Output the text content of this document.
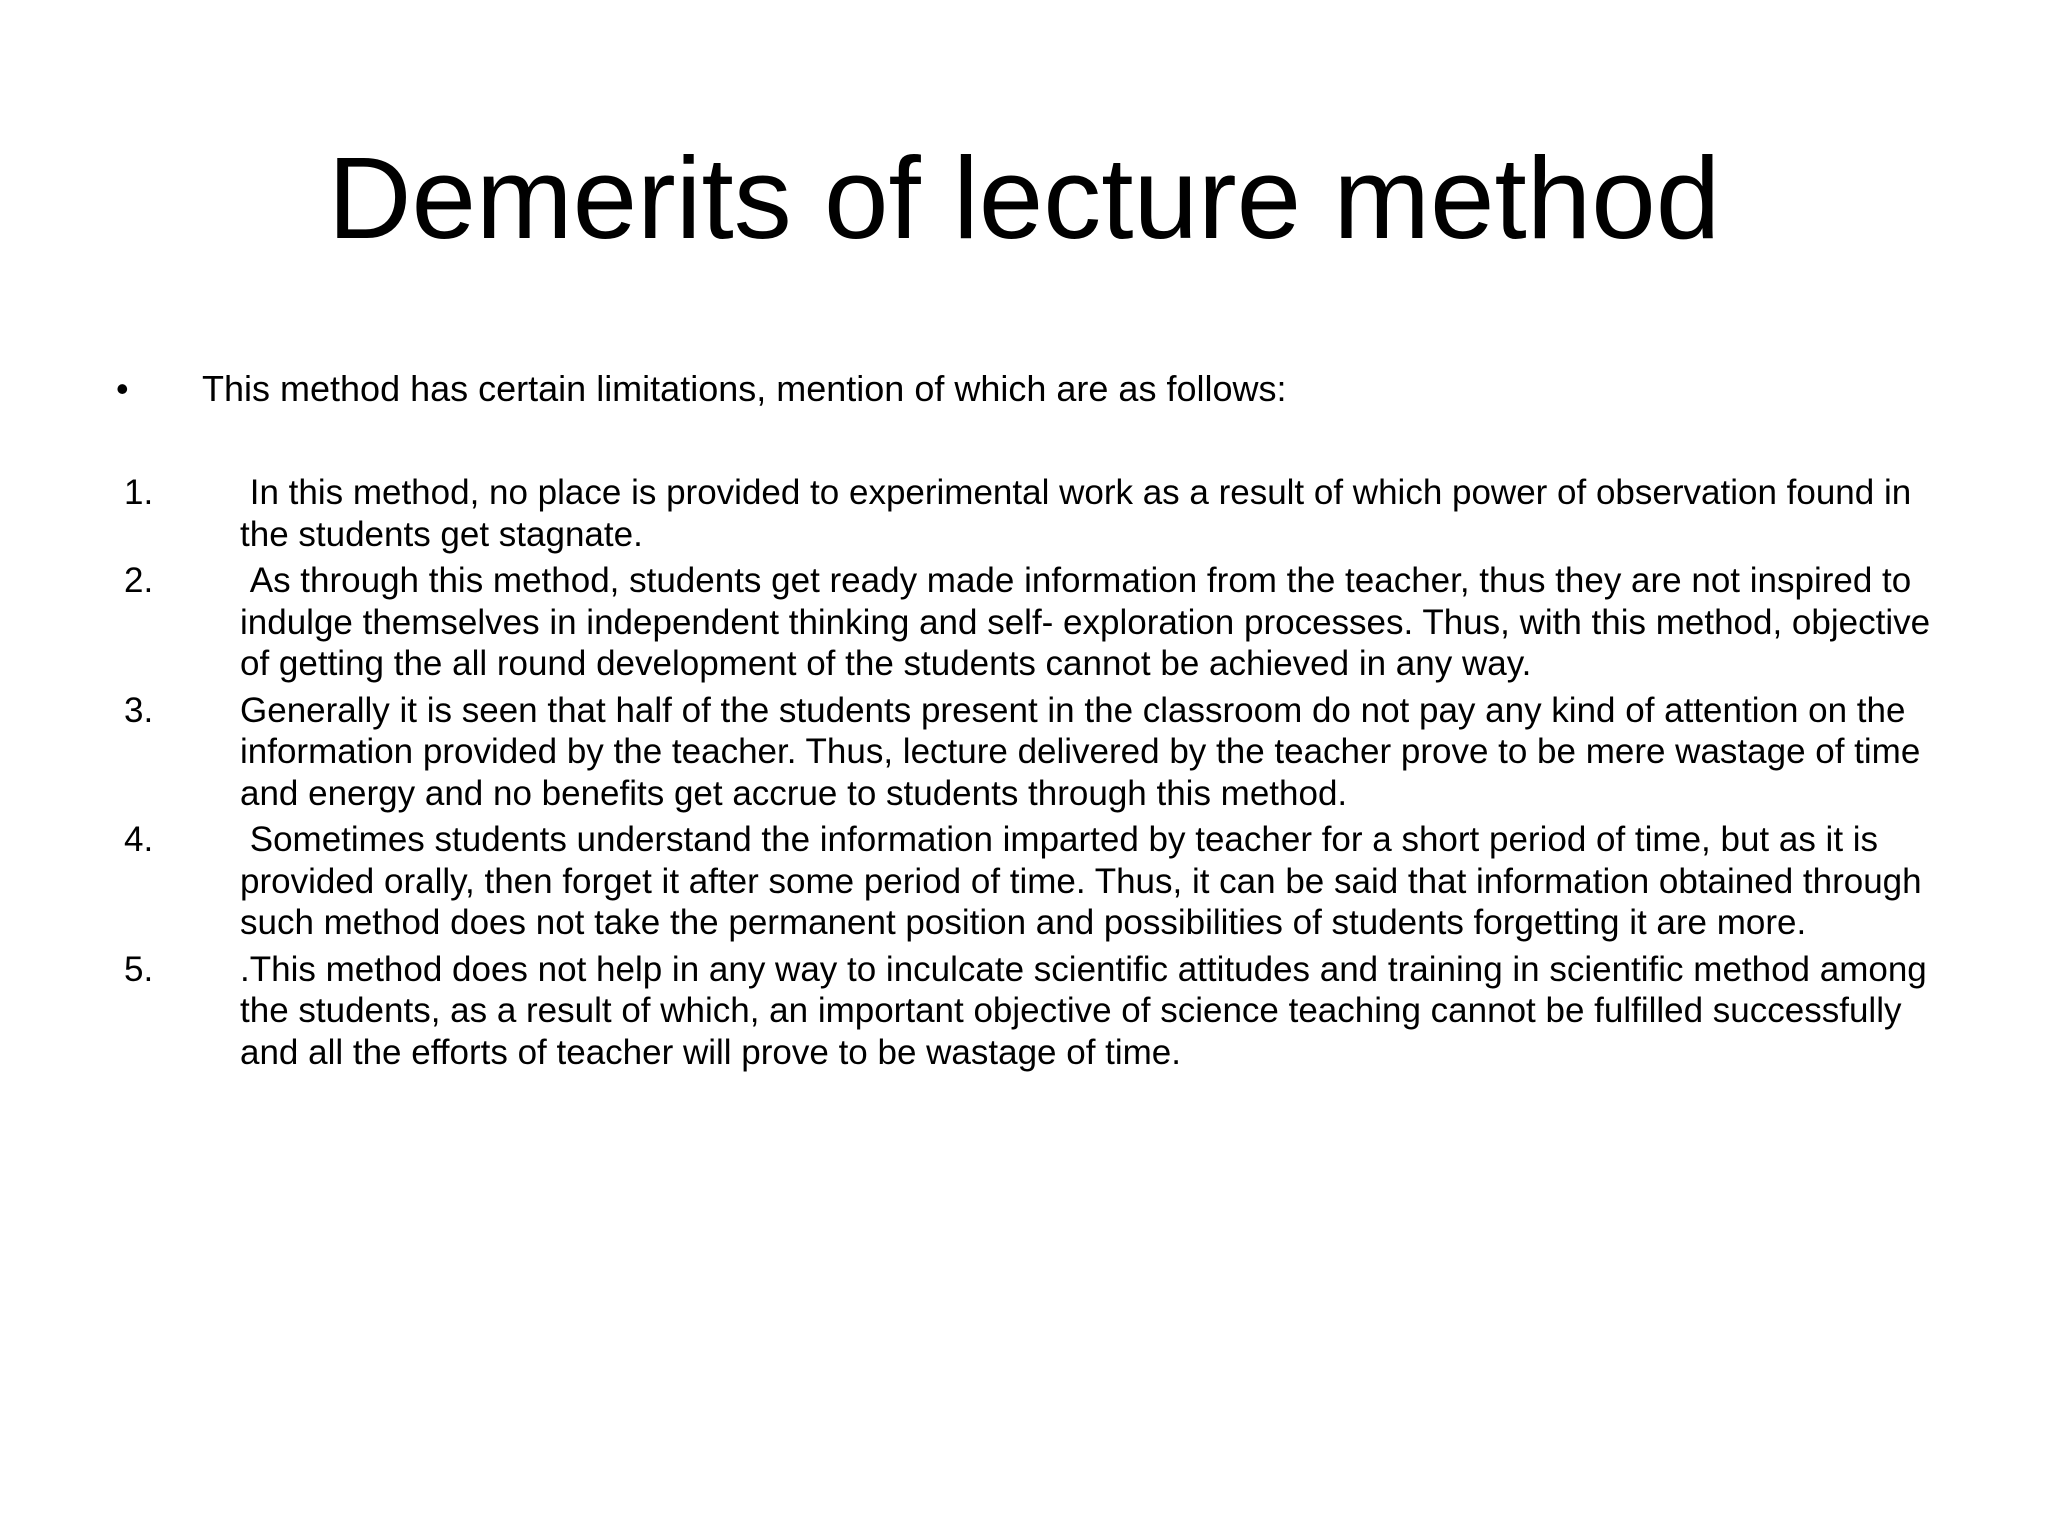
Demerits of lecture method
•	This method has certain limitations, mention of which are as follows:
1.	In this method, no place is provided to experimental work as a result of which power of observation found in the students get stagnate.
2.	As through this method, students get ready made information from the teacher, thus they are not inspired to indulge themselves in independent thinking and self- exploration processes. Thus, with this method, objective of getting the all round development of the students cannot be achieved in any way.
3.	Generally it is seen that half of the students present in the classroom do not pay any kind of attention on the information provided by the teacher. Thus, lecture delivered by the teacher prove to be mere wastage of time and energy and no benefits get accrue to students through this method.
4.	Sometimes students understand the information imparted by teacher for a short period of time, but as it is provided orally, then forget it after some period of time. Thus, it can be said that information obtained through such method does not take the permanent position and possibilities of students forgetting it are more.
5.	.This method does not help in any way to inculcate scientific attitudes and training in scientific method among the students, as a result of which, an important objective of science teaching cannot be fulfilled successfully and all the efforts of teacher will prove to be wastage of time.
